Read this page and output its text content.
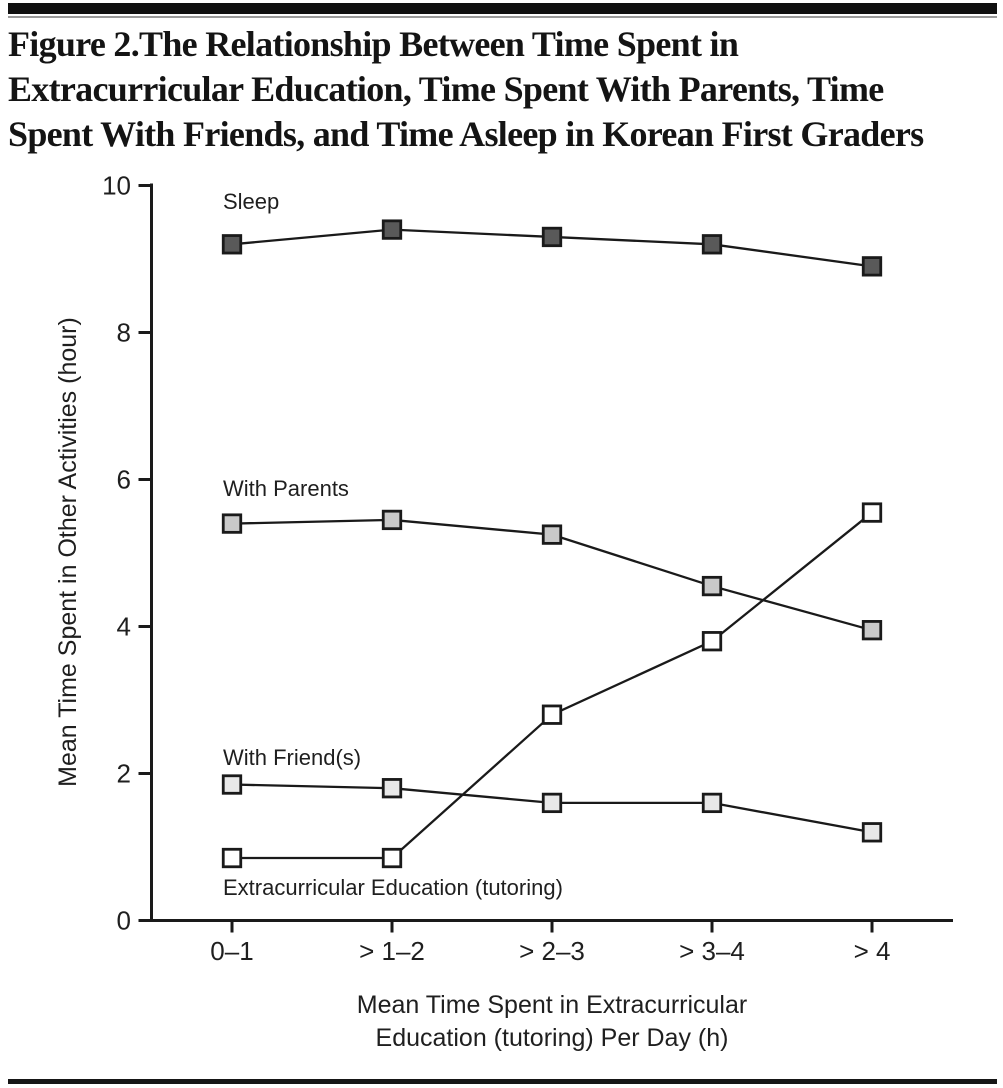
Figure 2.The Relationship Between Time Spent in
Extracurricular Education, Time Spent With Parents, Time
Spent With Friends, and Time Asleep in Korean First Graders
0
2
4
6
8
10
0–1	> 1–2	> 2–3	> 3–4	> 4
Sleep
With Parents
With Friend(s)
Extracurricular Education (tutoring)
Mean Time Spent in Extracurricular
Education (tutoring) Per Day (h)
Mean Time Spent in Other Activities (hour)
